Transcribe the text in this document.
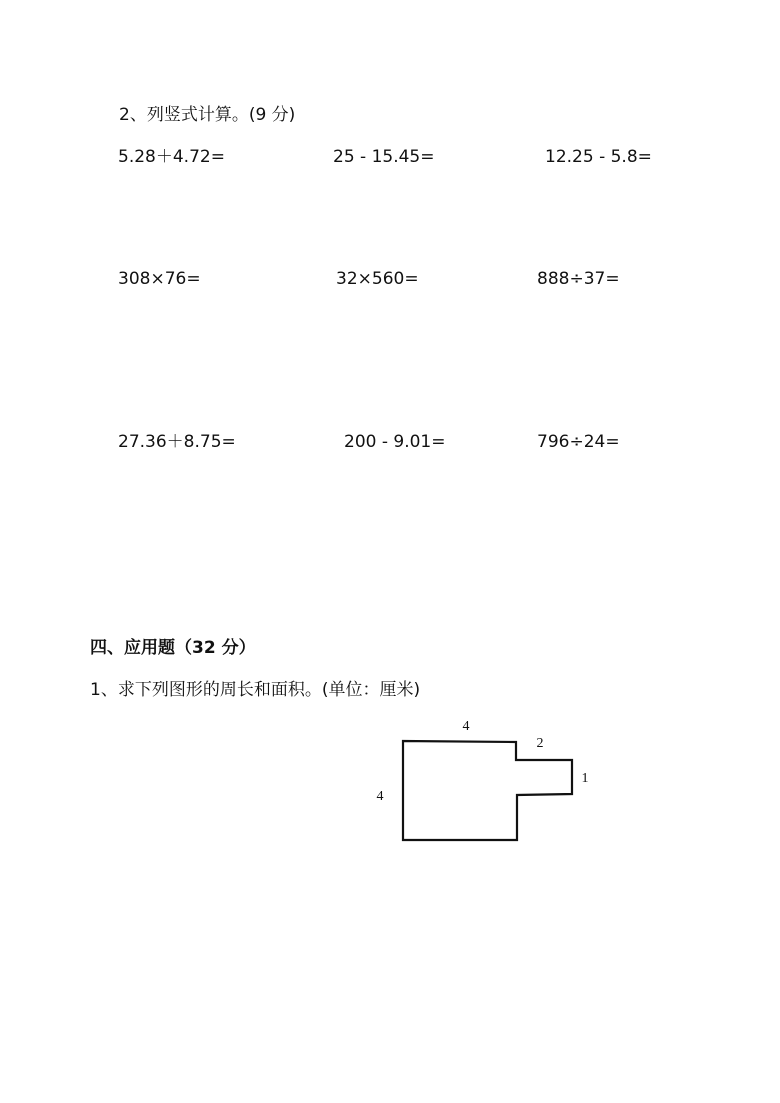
2、列竖式计算。(9 分)
5.28＋4.72=	25 - 15.45=	12.25 - 5.8=
308×76=	32×560=	888÷37=
27.36＋8.75=	200 - 9.01=	796÷24=
四、应用题（32 分）
1、求下列图形的周长和面积。(单位：厘米)
4
4
2
1
